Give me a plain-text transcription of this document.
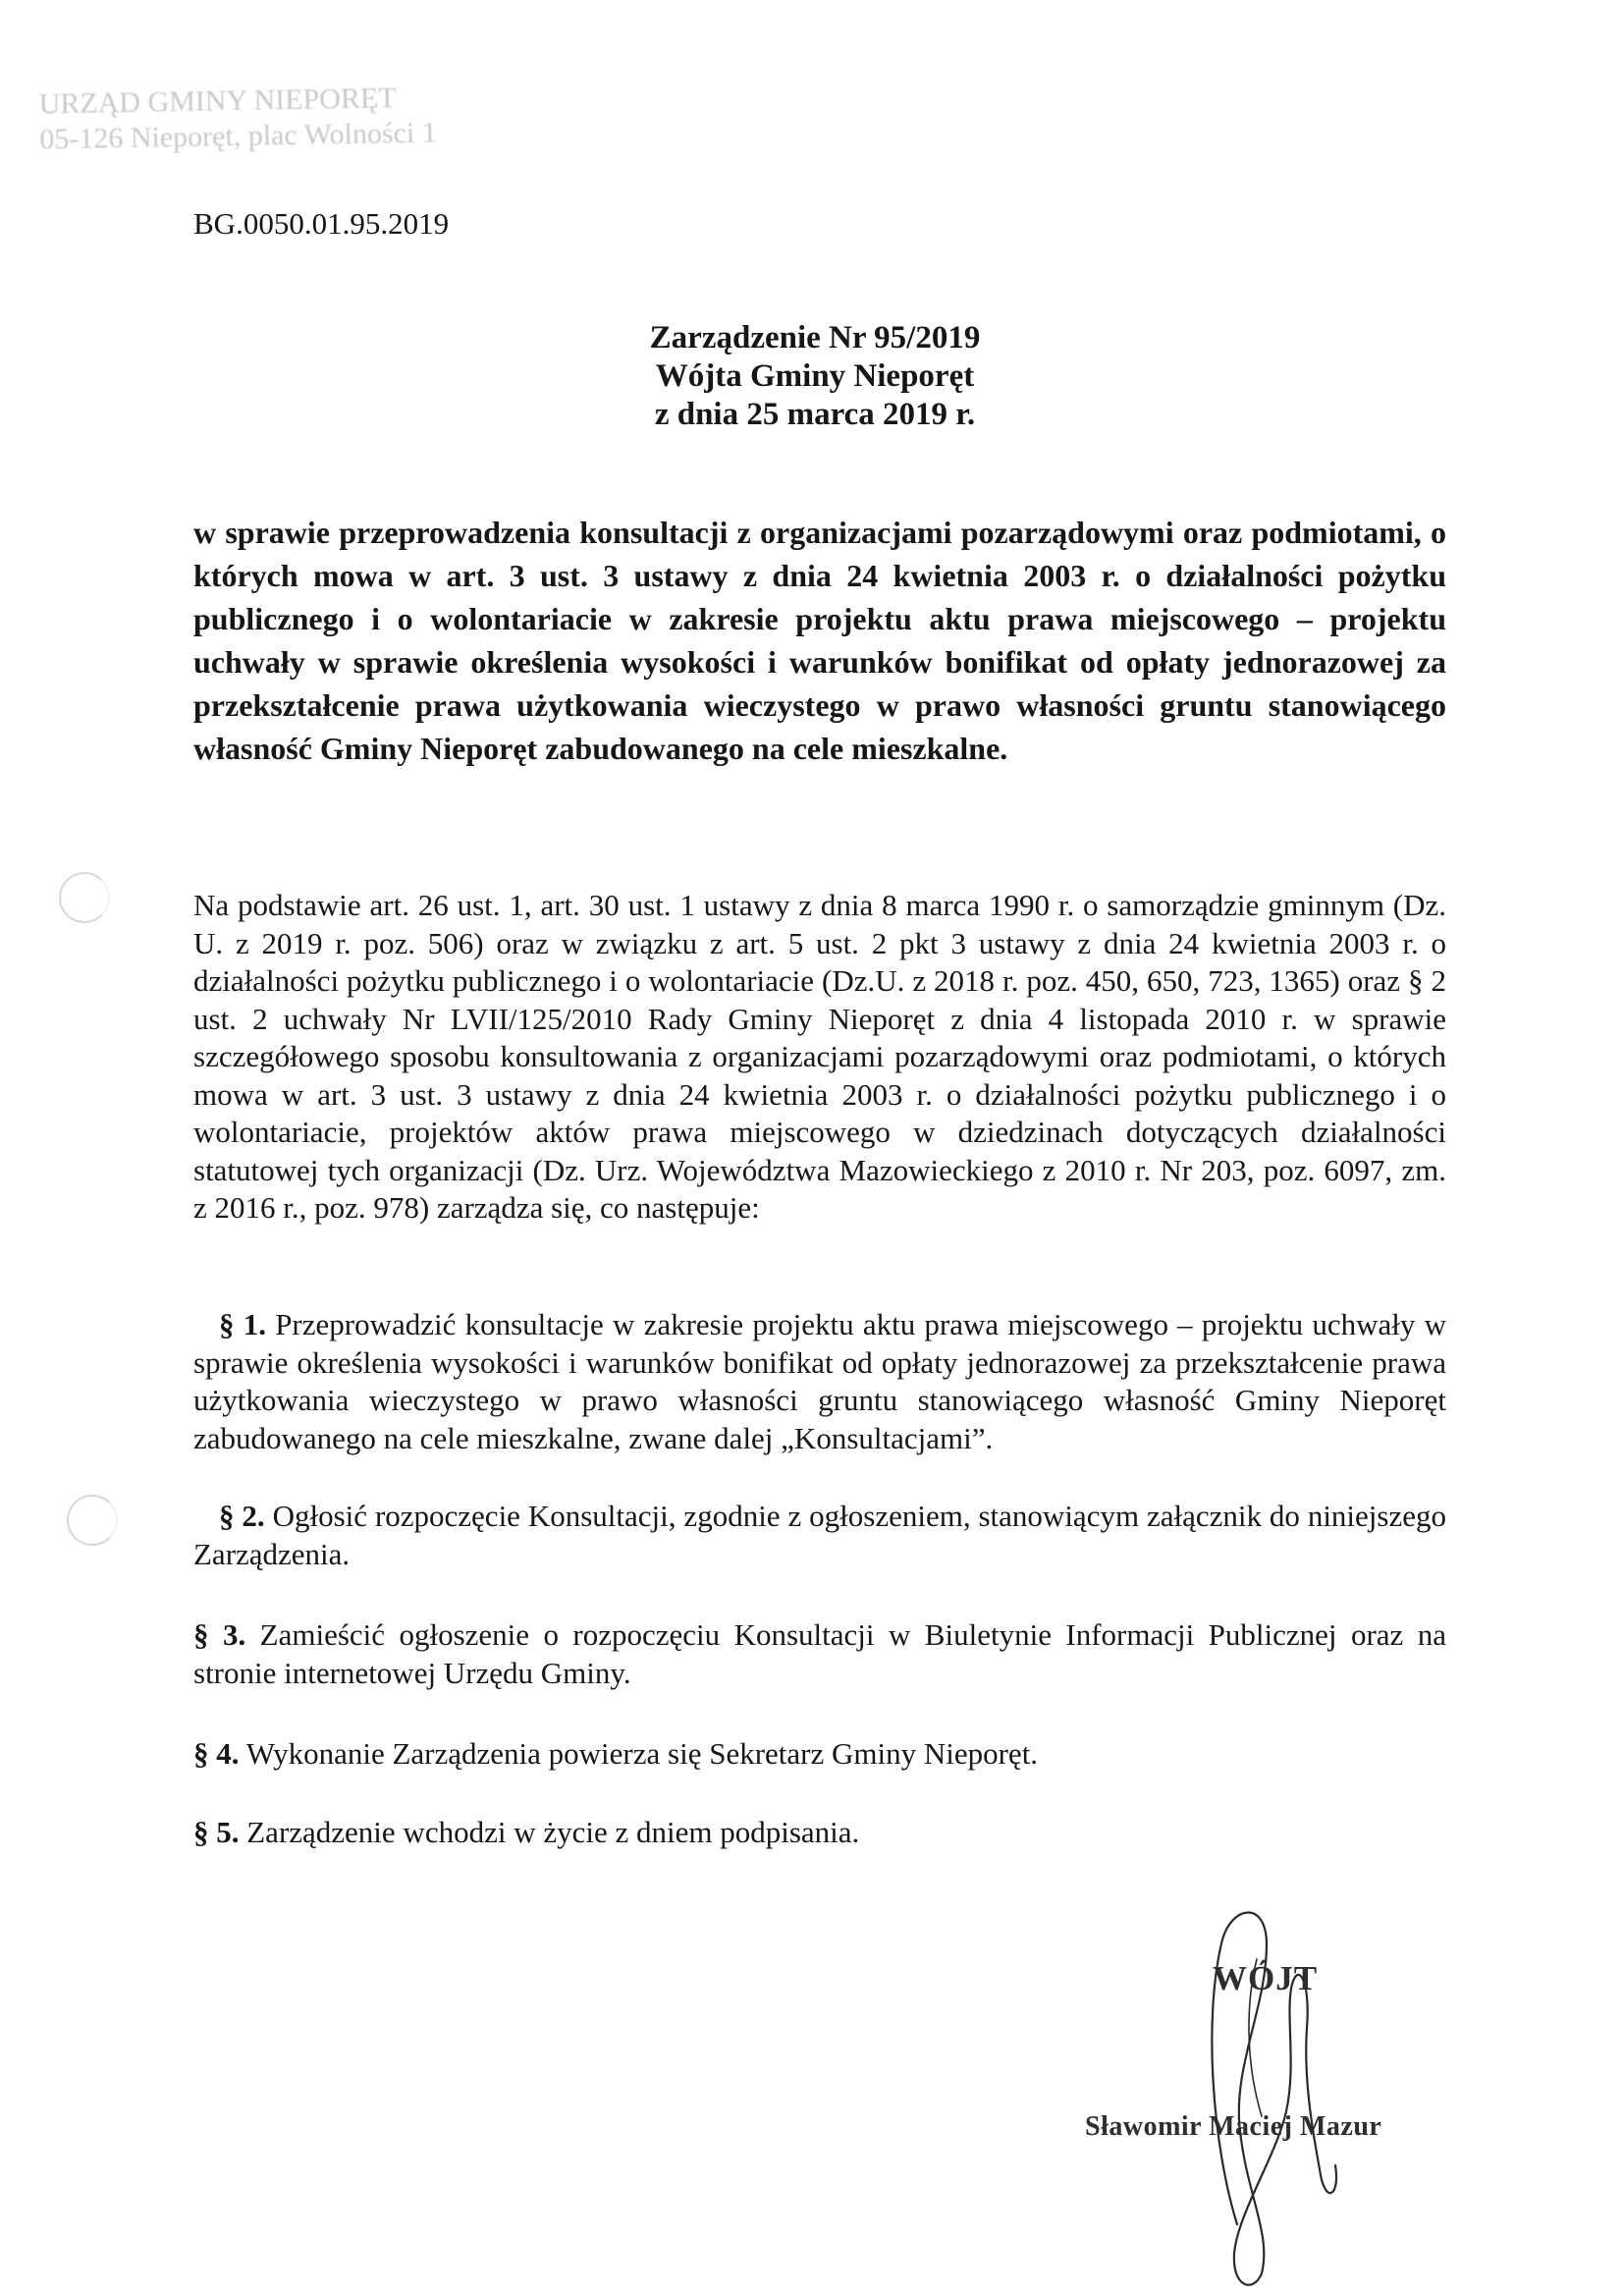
URZĄD GMINY NIEPORĘT
05-126 Nieporęt, plac Wolności 1
BG.0050.01.95.2019
Zarządzenie Nr 95/2019
Wójta Gminy Nieporęt
z dnia 25 marca 2019 r.
w sprawie przeprowadzenia konsultacji z organizacjami pozarządowymi oraz podmiotami, o których mowa w art. 3 ust. 3 ustawy z dnia 24 kwietnia 2003 r. o działalności pożytku publicznego i o wolontariacie w zakresie projektu aktu prawa miejscowego – projektu uchwały w sprawie określenia wysokości i warunków bonifikat od opłaty jednorazowej za przekształcenie prawa użytkowania wieczystego w prawo własności gruntu stanowiącego własność Gminy Nieporęt zabudowanego na cele mieszkalne.
Na podstawie art. 26 ust. 1, art. 30 ust. 1 ustawy z dnia 8 marca 1990 r. o samorządzie gminnym (Dz. U. z 2019 r. poz. 506) oraz w związku z art. 5 ust. 2 pkt 3 ustawy z dnia 24 kwietnia 2003 r. o działalności pożytku publicznego i o wolontariacie (Dz.U. z 2018 r. poz. 450, 650, 723, 1365) oraz § 2 ust. 2 uchwały Nr LVII/125/2010 Rady Gminy Nieporęt z dnia 4 listopada 2010 r. w sprawie szczegółowego sposobu konsultowania z organizacjami pozarządowymi oraz podmiotami, o których mowa w art. 3 ust. 3 ustawy z dnia 24 kwietnia 2003 r. o działalności pożytku publicznego i o wolontariacie, projektów aktów prawa miejscowego w dziedzinach dotyczących działalności statutowej tych organizacji (Dz. Urz. Województwa Mazowieckiego z 2010 r. Nr 203, poz. 6097, zm. z 2016 r., poz. 978) zarządza się, co następuje:
§ 1. Przeprowadzić konsultacje w zakresie projektu aktu prawa miejscowego – projektu uchwały w sprawie określenia wysokości i warunków bonifikat od opłaty jednorazowej za przekształcenie prawa użytkowania wieczystego w prawo własności gruntu stanowiącego własność Gminy Nieporęt zabudowanego na cele mieszkalne, zwane dalej „Konsultacjami”.
§ 2. Ogłosić rozpoczęcie Konsultacji, zgodnie z ogłoszeniem, stanowiącym załącznik do niniejszego Zarządzenia.
§ 3. Zamieścić ogłoszenie o rozpoczęciu Konsultacji w Biuletynie Informacji Publicznej oraz na stronie internetowej Urzędu Gminy.
§ 4. Wykonanie Zarządzenia powierza się Sekretarz Gminy Nieporęt.
§ 5. Zarządzenie wchodzi w życie z dniem podpisania.
WÓJT
Sławomir Maciej Mazur
